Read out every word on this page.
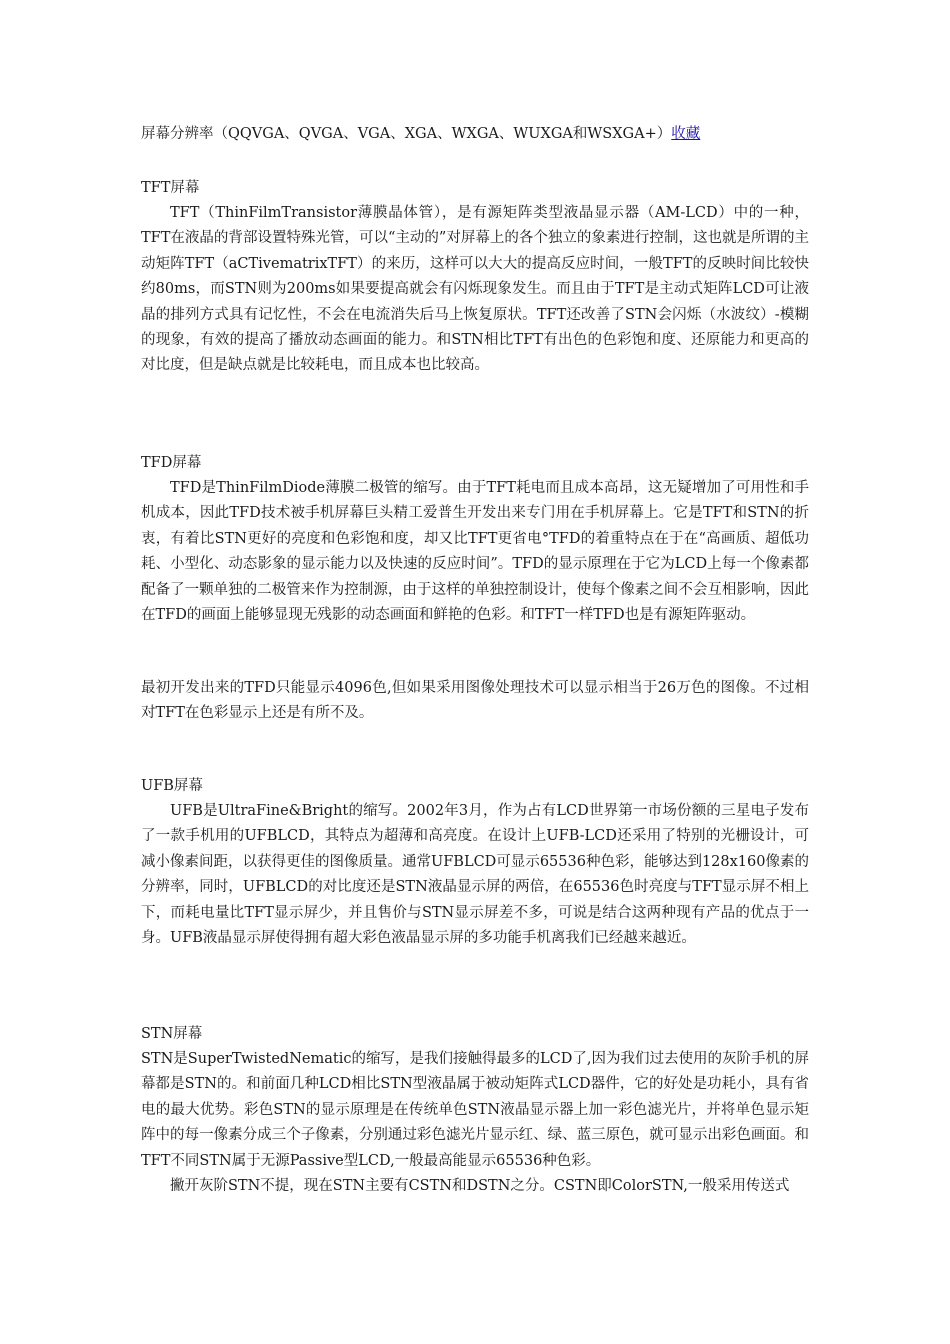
屏幕分辨率（QQVGA、QVGA、VGA、XGA、WXGA、WUXGA和WSXGA+）收藏
TFT屏幕

TFT（ThinFilmTransistor薄膜晶体管），是有源矩阵类型液晶显示器（AM-LCD）中的一种，TFT在液晶的背部设置特殊光管，可以“主动的”对屏幕上的各个独立的象素进行控制，这也就是所谓的主动矩阵TFT（aCTivematrixTFT）的来历，这样可以大大的提高反应时间，一般TFT的反映时间比较快约80ms，而STN则为200ms如果要提高就会有闪烁现象发生。而且由于TFT是主动式矩阵LCD可让液晶的排列方式具有记忆性，不会在电流消失后马上恢复原状。TFT还改善了STN会闪烁（水波纹）-模糊的现象，有效的提高了播放动态画面的能力。和STN相比TFT有出色的色彩饱和度、还原能力和更高的对比度，但是缺点就是比较耗电，而且成本也比较高。

TFD屏幕

TFD是ThinFilmDiode薄膜二极管的缩写。由于TFT耗电而且成本高昂，这无疑增加了可用性和手机成本，因此TFD技术被手机屏幕巨头精工爱普生开发出来专门用在手机屏幕上。它是TFT和STN的折衷，有着比STN更好的亮度和色彩饱和度，却又比TFT更省电°TFD的着重特点在于在“高画质、超低功耗、小型化、动态影象的显示能力以及快速的反应时间”。TFD的显示原理在于它为LCD上每一个像素都配备了一颗单独的二极管来作为控制源，由于这样的单独控制设计，使每个像素之间不会互相影响，因此在TFD的画面上能够显现无残影的动态画面和鲜艳的色彩。和TFT一样TFD也是有源矩阵驱动。

最初开发出来的TFD只能显示4096色,但如果采用图像处理技术可以显示相当于26万色的图像。不过相对TFT在色彩显示上还是有所不及。

UFB屏幕

UFB是UltraFine&Bright的缩写。2002年3月，作为占有LCD世界第一市场份额的三星电子发布了一款手机用的UFBLCD，其特点为超薄和高亮度。在设计上UFB-LCD还采用了特别的光栅设计，可减小像素间距，以获得更佳的图像质量。通常UFBLCD可显示65536种色彩，能够达到128x160像素的分辨率，同时，UFBLCD的对比度还是STN液晶显示屏的两倍，在65536色时亮度与TFT显示屏不相上下，而耗电量比TFT显示屏少，并且售价与STN显示屏差不多，可说是结合这两种现有产品的优点于一身。UFB液晶显示屏使得拥有超大彩色液晶显示屏的多功能手机离我们已经越来越近。

STN屏幕

STN是SuperTwistedNematic的缩写，是我们接触得最多的LCD了,因为我们过去使用的灰阶手机的屏幕都是STN的。和前面几种LCD相比STN型液晶属于被动矩阵式LCD器件，它的好处是功耗小，具有省电的最大优势。彩色STN的显示原理是在传统单色STN液晶显示器上加一彩色滤光片，并将单色显示矩阵中的每一像素分成三个子像素，分别通过彩色滤光片显示红、绿、蓝三原色，就可显示出彩色画面。和TFT不同STN属于无源Passive型LCD,一般最高能显示65536种色彩。

撇开灰阶STN不提，现在STN主要有CSTN和DSTN之分。CSTN即ColorSTN,一般采用传送式
